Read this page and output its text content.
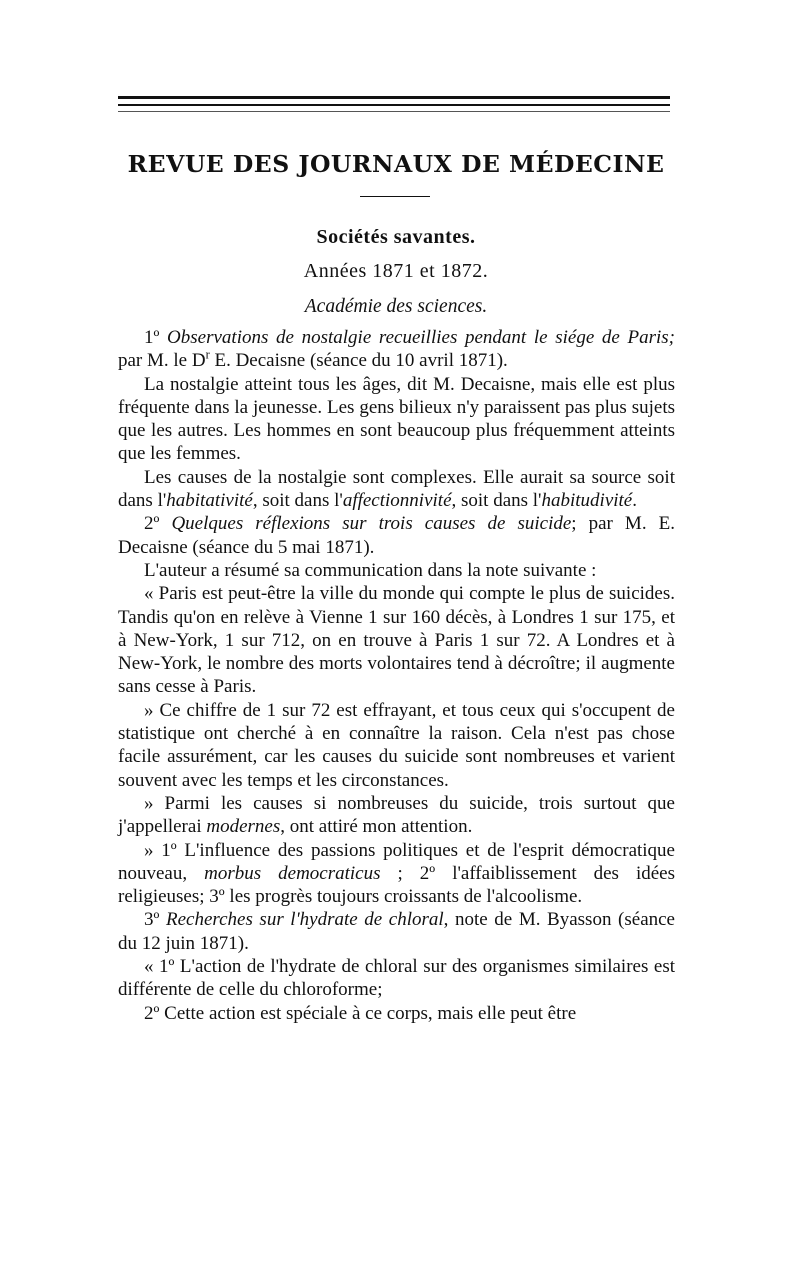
REVUE DES JOURNAUX DE MÉDECINE
Sociétés savantes.
Années 1871 et 1872.
Académie des sciences.

1º Observations de nostalgie recueillies pendant le siége de Paris; par M. le $D^r$ E. Decaisne (séance du 10 avril 1871).

La nostalgie atteint tous les âges, dit M. Decaisne, mais elle est plus fréquente dans la jeunesse. Les gens bilieux n'y paraissent pas plus sujets que les autres. Les hommes en sont beaucoup plus fréquemment atteints que les femmes.

Les causes de la nostalgie sont complexes. Elle aurait sa source soit dans l'habitativité, soit dans l'affectionnivité, soit dans l'habitudivité.

2º Quelques réflexions sur trois causes de suicide; par M. E. Decaisne (séance du 5 mai 1871).

L'auteur a résumé sa communication dans la note suivante :

« Paris est peut-être la ville du monde qui compte le plus de suicides. Tandis qu'on en relève à Vienne 1 sur 160 décès, à Londres 1 sur 175, et à New-York, 1 sur 712, on en trouve à Paris 1 sur 72. A Londres et à New-York, le nombre des morts volontaires tend à décroître; il augmente sans cesse à Paris.

» Ce chiffre de 1 sur 72 est effrayant, et tous ceux qui s'occupent de statistique ont cherché à en connaître la raison. Cela n'est pas chose facile assurément, car les causes du suicide sont nombreuses et varient souvent avec les temps et les circonstances.

» Parmi les causes si nombreuses du suicide, trois surtout que j'appellerai modernes, ont attiré mon attention.

» 1º L'influence des passions politiques et de l'esprit démocratique nouveau, morbus democraticus ; 2º l'affaiblissement des idées religieuses; 3º les progrès toujours croissants de l'alcoolisme.

3º Recherches sur l'hydrate de chloral, note de M. Byasson (séance du 12 juin 1871).

« 1º L'action de l'hydrate de chloral sur des organismes similaires est différente de celle du chloroforme;

2º Cette action est spéciale à ce corps, mais elle peut être
